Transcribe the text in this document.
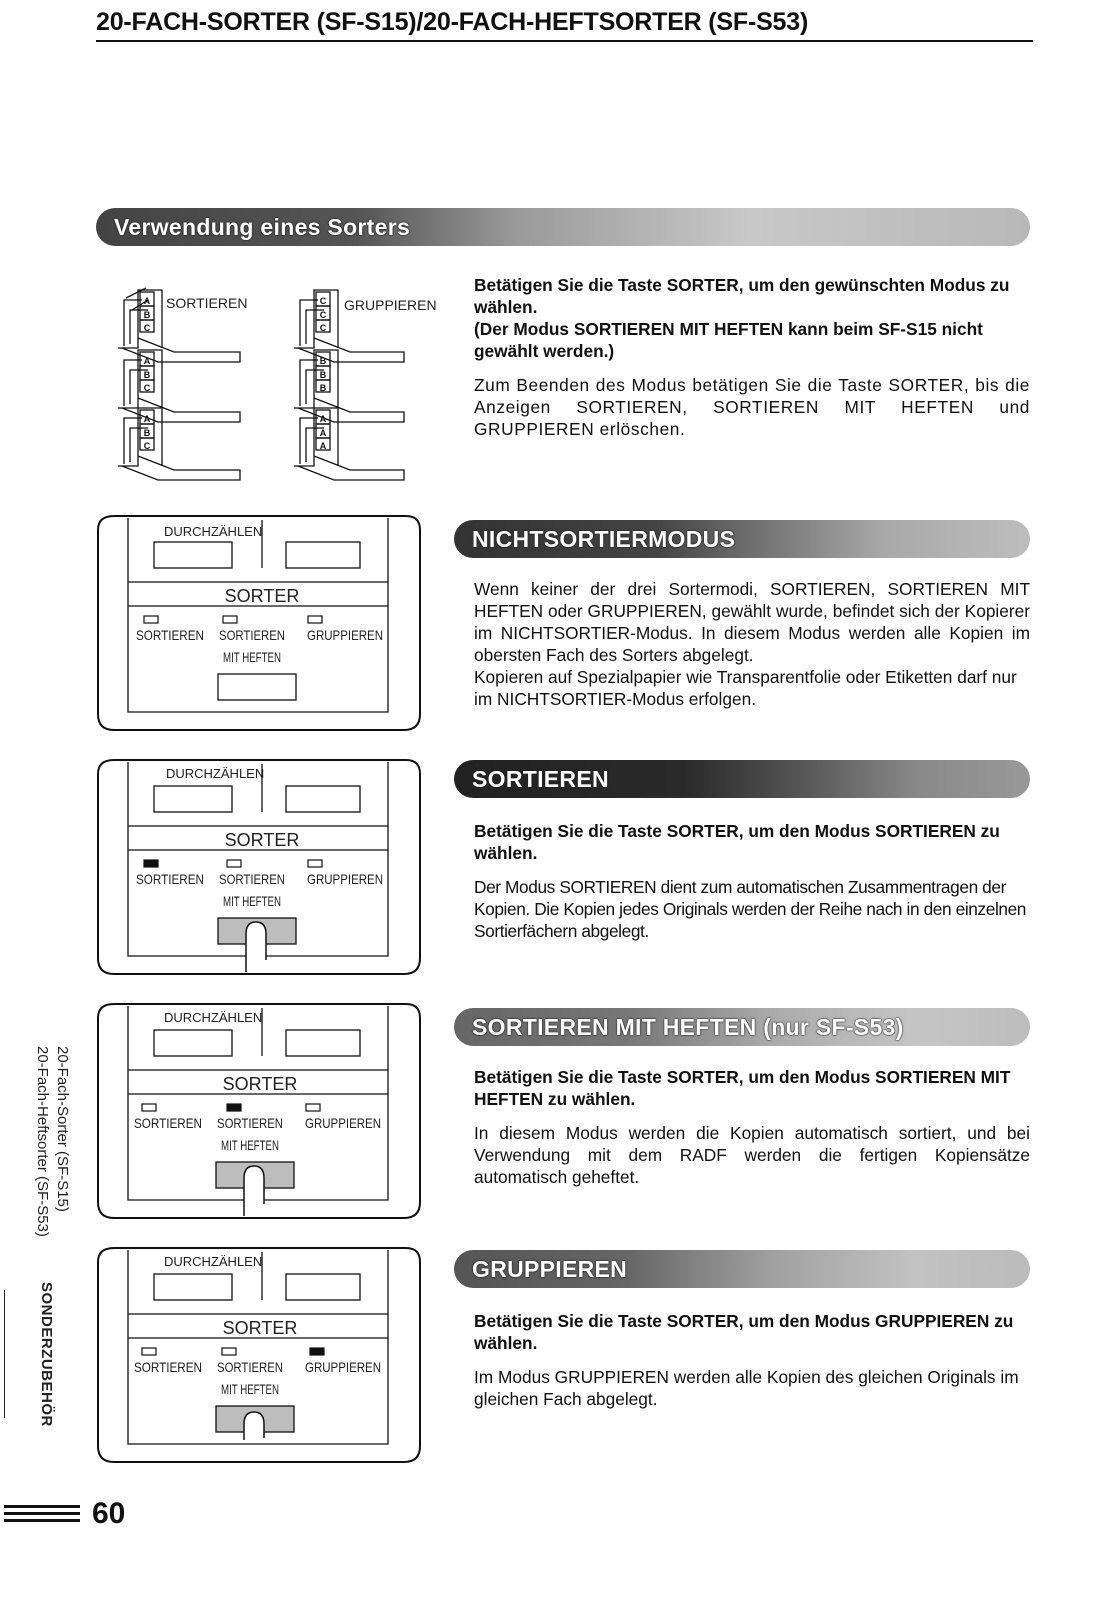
20-FACH-SORTER (SF-S15)/20-FACH-HEFTSORTER (SF-S53)
Verwendung eines Sorters
A
B
C
A
B
C
A
B
C
C
C
C
B
B
B
A
A
A
SORTIEREN	GRUPPIEREN

Betätigen Sie die Taste SORTER, um den gewünschten Modus zu wählen.

(Der Modus SORTIEREN MIT HEFTEN kann beim SF-S15 nicht gewählt werden.)

Zum Beenden des Modus betätigen Sie die Taste SORTER, bis die Anzeigen SORTIEREN, SORTIEREN MIT HEFTEN und GRUPPIEREN erlöschen.

DURCHZÄHLEN
SORTER
SORTIEREN SORTIEREN
MIT HEFTEN
GRUPPIEREN
NICHTSORTIERMODUS

Wenn keiner der drei Sortermodi, SORTIEREN, SORTIEREN MIT HEFTEN oder GRUPPIEREN, gewählt wurde, befindet sich der Kopierer im NICHTSORTIER-Modus. In diesem Modus werden alle Kopien im obersten Fach des Sorters abgelegt.

Kopieren auf Spezialpapier wie Transparentfolie oder Etiketten darf nur im NICHTSORTIER-Modus erfolgen.

DURCHZÄHLEN
SORTER
SORTIEREN SORTIEREN
MIT HEFTEN
GRUPPIEREN
SORTIEREN

Betätigen Sie die Taste SORTER, um den Modus SORTIEREN zu wählen.

Der Modus SORTIEREN dient zum automatischen Zusammentragen der Kopien. Die Kopien jedes Originals werden der Reihe nach in den einzelnen Sortierfächern abgelegt.

DURCHZÄHLEN
SORTER
SORTIEREN SORTIEREN
MIT HEFTEN
GRUPPIEREN
SORTIEREN MIT HEFTEN (nur SF-S53)

Betätigen Sie die Taste SORTER, um den Modus SORTIEREN MIT HEFTEN zu wählen.

In diesem Modus werden die Kopien automatisch sortiert, und bei Verwendung mit dem RADF werden die fertigen Kopiensätze automatisch geheftet.

DURCHZÄHLEN
SORTER
SORTIEREN SORTIEREN
MIT HEFTEN
GRUPPIEREN
GRUPPIEREN

Betätigen Sie die Taste SORTER, um den Modus GRUPPIEREN zu wählen.

Im Modus GRUPPIEREN werden alle Kopien des gleichen Originals im gleichen Fach abgelegt.

20-Fach-Sorter (SF-S15)
20-Fach-Heftsorter (SF-S53)
SONDERZUBEHÖR
60
